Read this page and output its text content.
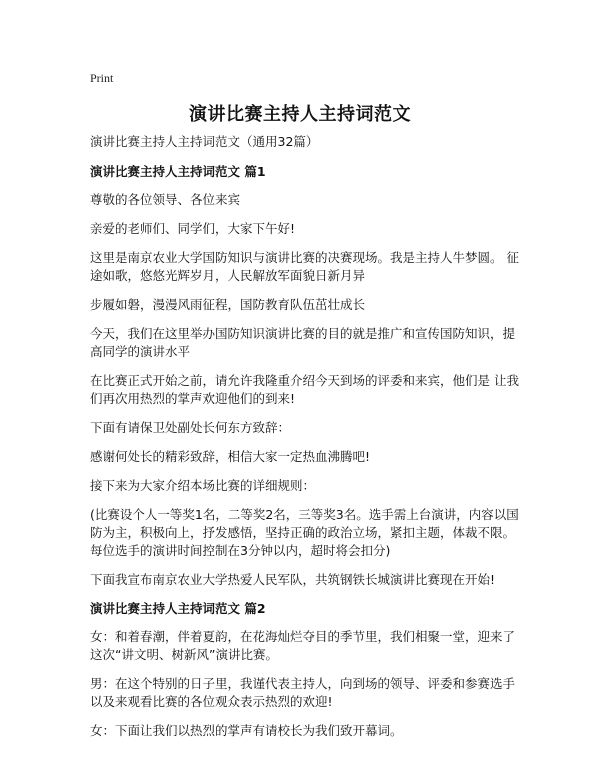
Print
演讲比赛主持人主持词范文
演讲比赛主持人主持词范文（通用32篇）
演讲比赛主持人主持词范文 篇1

尊敬的各位领导、各位来宾

亲爱的老师们、同学们，大家下午好!

这里是南京农业大学国防知识与演讲比赛的决赛现场。我是主持人牛梦圆。 征途如歌，悠悠光辉岁月，人民解放军面貌日新月异

步履如磐，漫漫风雨征程，国防教育队伍茁壮成长

今天，我们在这里举办国防知识演讲比赛的目的就是推广和宣传国防知识，提高同学的演讲水平

在比赛正式开始之前，请允许我隆重介绍今天到场的评委和来宾，他们是 让我们再次用热烈的掌声欢迎他们的到来!

下面有请保卫处副处长何东方致辞：

感谢何处长的精彩致辞，相信大家一定热血沸腾吧!

接下来为大家介绍本场比赛的详细规则：

(比赛设个人一等奖1名，二等奖2名，三等奖3名。选手需上台演讲，内容以国防为主，积极向上，抒发感悟，坚持正确的政治立场，紧扣主题，体裁不限。每位选手的演讲时间控制在3分钟以内，超时将会扣分)

下面我宣布南京农业大学热爱人民军队，共筑钢铁长城演讲比赛现在开始!

演讲比赛主持人主持词范文 篇2

女：和着春潮，伴着夏韵，在花海灿烂夺目的季节里，我们相聚一堂，迎来了这次“讲文明、树新风”演讲比赛。

男：在这个特别的日子里，我谨代表主持人，向到场的领导、评委和参赛选手以及来观看比赛的各位观众表示热烈的欢迎!

女：下面让我们以热烈的掌声有请校长为我们致开幕词。
